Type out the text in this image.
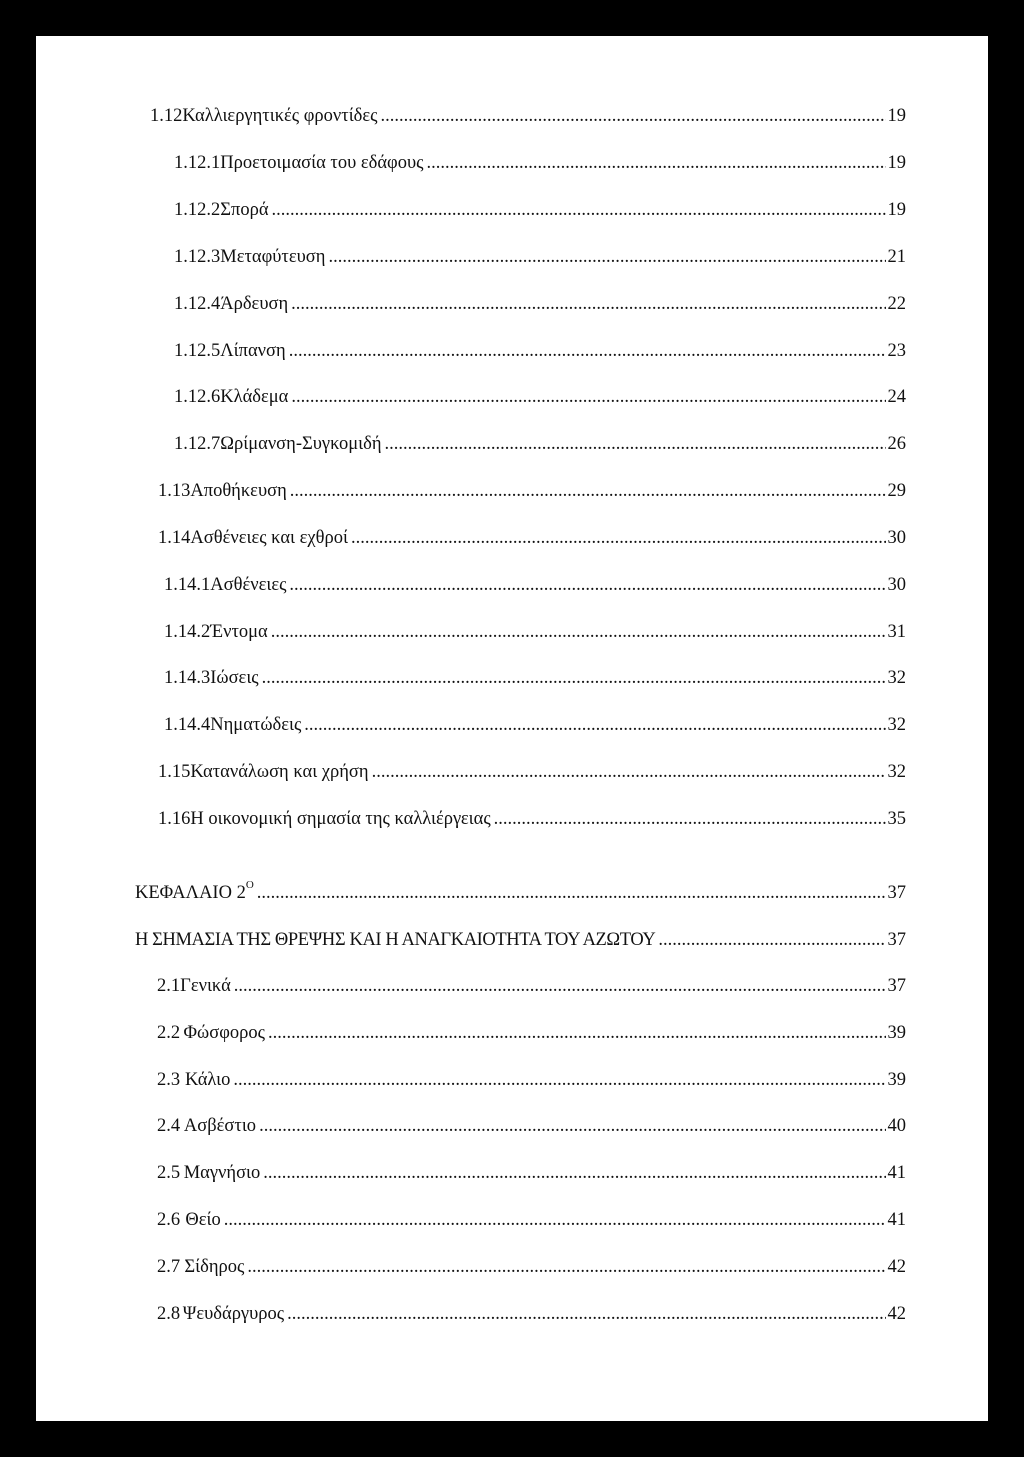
1.12 Καλλιεργητικές φροντίδες .....	19
1.12.1 Προετοιμασία του εδάφους .....	19
1.12.2 Σπορά .....	19
1.12.3 Μεταφύτευση .....	21
1.12.4 Άρδευση .....	22
1.12.5 Λίπανση .....	23
1.12.6 Κλάδεμα .....	24
1.12.7 Ωρίμανση-Συγκομιδή .....	26
1.13 Αποθήκευση .....	29
1.14 Ασθένειες και εχθροί .....	30
1.14.1 Ασθένειες .....	30
1.14.2 Έντομα .....	31
1.14.3 Ιώσεις .....	32
1.14.4 Νηματώδεις .....	32
1.15 Κατανάλωση και χρήση .....	32
1.16 Η οικονομική σημασία της καλλιέργειας .....	35
ΚΕΦΑΛΑΙΟ $2^O$ .....	37
Η ΣΗΜΑΣΙΑ ΤΗΣ ΘΡΕΨΗΣ ΚΑΙ Η ΑΝΑΓΚΑΙΟΤΗΤΑ ΤΟΥ ΑΖΩΤΟΥ .....	37
2.1 Γενικά .....	37
2.2 Φώσφορος .....	39
2.3 Κάλιο .....	39
2.4 Ασβέστιο .....	40
2.5 Μαγνήσιο .....	41
2.6 Θείο .....	41
2.7 Σίδηρος .....	42
2.8 Ψευδάργυρος .....	42
